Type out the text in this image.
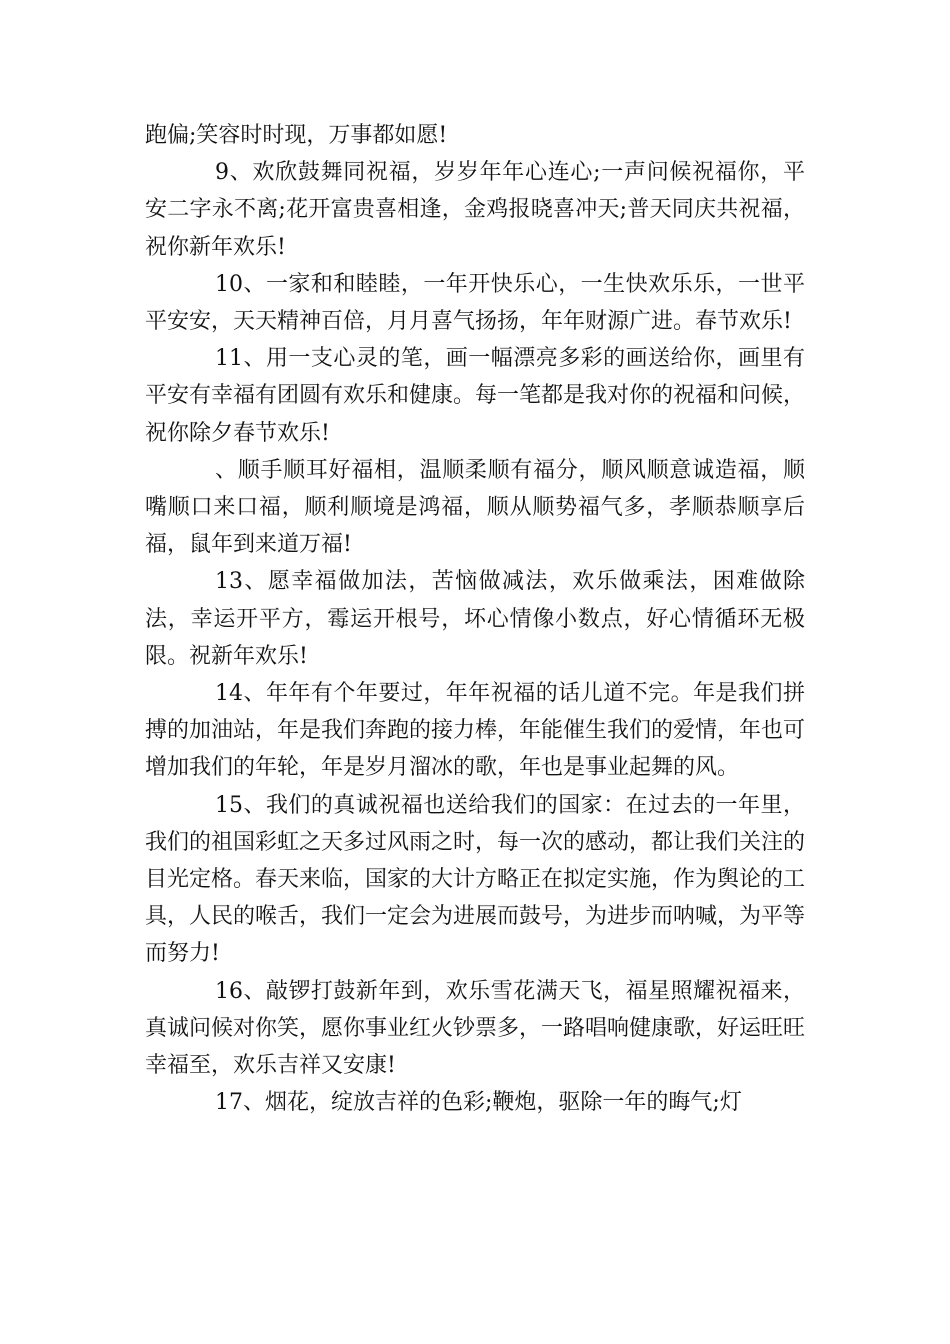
跑偏;笑容时时现，万事都如愿!

9、欢欣鼓舞同祝福，岁岁年年心连心;一声问候祝福你，平安二字永不离;花开富贵喜相逢，金鸡报晓喜冲天;普天同庆共祝福，祝你新年欢乐!

10、一家和和睦睦，一年开快乐心，一生快欢乐乐，一世平平安安，天天精神百倍，月月喜气扬扬，年年财源广进。春节欢乐!

11、用一支心灵的笔，画一幅漂亮多彩的画送给你，画里有平安有幸福有团圆有欢乐和健康。每一笔都是我对你的祝福和问候，祝你除夕春节欢乐!

、顺手顺耳好福相，温顺柔顺有福分，顺风顺意诚造福，顺嘴顺口来口福，顺利顺境是鸿福，顺从顺势福气多，孝顺恭顺享后福，鼠年到来道万福!

13、愿幸福做加法，苦恼做减法，欢乐做乘法，困难做除法，幸运开平方，霉运开根号，坏心情像小数点，好心情循环无极限。祝新年欢乐!

14、年年有个年要过，年年祝福的话儿道不完。年是我们拼搏的加油站，年是我们奔跑的接力棒，年能催生我们的爱情，年也可增加我们的年轮，年是岁月溜冰的歌，年也是事业起舞的风。

15、我们的真诚祝福也送给我们的国家：在过去的一年里，我们的祖国彩虹之天多过风雨之时，每一次的感动，都让我们关注的目光定格。春天来临，国家的大计方略正在拟定实施，作为舆论的工具，人民的喉舌，我们一定会为进展而鼓号，为进步而呐喊，为平等而努力!

16、敲锣打鼓新年到，欢乐雪花满天飞，福星照耀祝福来，真诚问候对你笑，愿你事业红火钞票多，一路唱响健康歌，好运旺旺幸福至，欢乐吉祥又安康!

17、烟花，绽放吉祥的色彩;鞭炮，驱除一年的晦气;灯
